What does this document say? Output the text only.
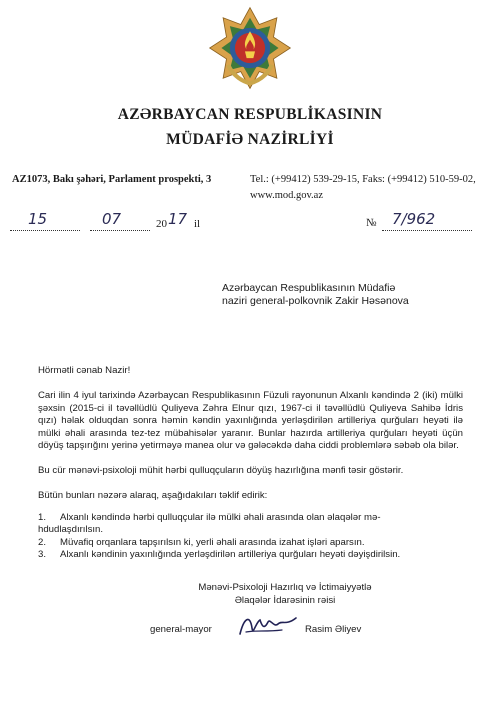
AZƏRBAYCAN RESPUBLİKASININ
MÜDAFİƏ NAZİRLİYİ
AZ1073, Bakı şəhəri, Parlament prospekti, 3	Tel.: (+99412) 539-29-15, Faks: (+99412) 510-59-02,
www.mod.gov.az
15	07	20 17 il	№ 7/962
Azərbaycan Respublikasının Müdafiə
naziri general-polkovnik Zakir Həsənova
Hörmətli cənab Nazir!
Cari ilin 4 iyul tarixində Azərbaycan Respublikasının Füzuli rayonunun Alxanlı kəndində 2 (iki) mülki şəxsin (2015-ci il təvəllüdlü Quliyeva Zəhra Elnur qızı, 1967-ci il təvəllüdlü Quliyeva Sahibə İdris qızı) həlak olduqdan sonra həmin kəndin yaxınlığında yerləşdirilən artilleriya qurğuları heyəti ilə mülki əhali arasında tez-tez mübahisələr yaranır. Bunlar hazırda artilleriya qurğuları heyəti üçün döyüş tapşırığını yerinə yetirməyə manea olur və gələcəkdə daha ciddi problemlərə səbəb ola bilər.
Bu cür mənəvi-psixoloji mühit hərbi qulluqçuların döyüş hazırlığına mənfi təsir göstərir.
Bütün bunları nəzərə alaraq, aşağıdakıları təklif edirik:
1. Alxanlı kəndində hərbi qulluqçular ilə mülki əhali arasında olan əlaqələr mə-
hdudlaşdırılsın.
2. Müvafiq orqanlara tapşırılsın ki, yerli əhali arasında izahat işləri aparsın.
3. Alxanlı kəndinin yaxınlığında yerləşdirilən artilleriya qurğuları heyəti dəyişdirilsin.
Mənəvi-Psixoloji Hazırlıq və İctimaiyyətlə
Əlaqələr İdarəsinin rəisi
general-mayor	Rasim Əliyev
